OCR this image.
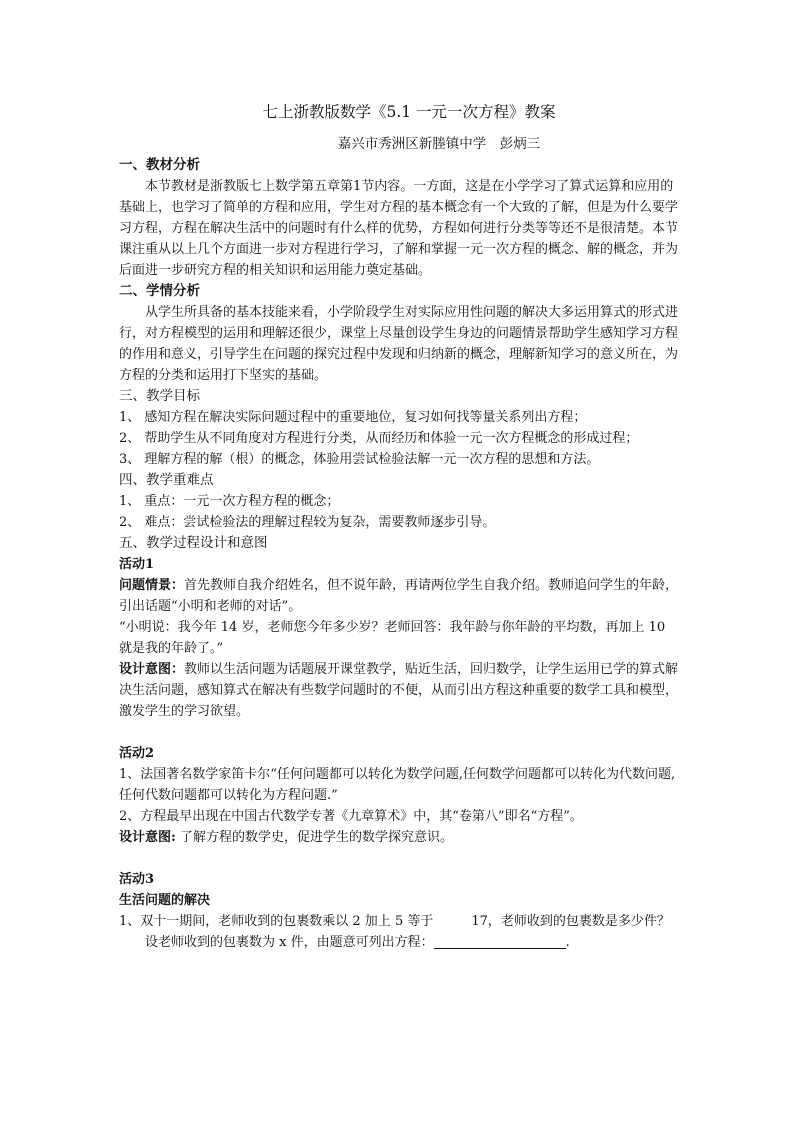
七上浙教版数学《5.1 一元一次方程》教案

嘉兴市秀洲区新塍镇中学　彭炳三

一、教材分析

本节教材是浙教版七上数学第五章第1节内容。一方面，这是在小学学习了算式运算和应用的基础上，也学习了简单的方程和应用，学生对方程的基本概念有一个大致的了解，但是为什么要学习方程，方程在解决生活中的问题时有什么样的优势，方程如何进行分类等等还不是很清楚。本节课注重从以上几个方面进一步对方程进行学习，了解和掌握一元一次方程的概念、解的概念，并为后面进一步研究方程的相关知识和运用能力奠定基础。

二、学情分析

从学生所具备的基本技能来看，小学阶段学生对实际应用性问题的解决大多运用算式的形式进行，对方程模型的运用和理解还很少，课堂上尽量创设学生身边的问题情景帮助学生感知学习方程的作用和意义，引导学生在问题的探究过程中发现和归纳新的概念，理解新知学习的意义所在，为方程的分类和运用打下坚实的基础。

三、教学目标

1、 感知方程在解决实际问题过程中的重要地位，复习如何找等量关系列出方程；

2、 帮助学生从不同角度对方程进行分类，从而经历和体验一元一次方程概念的形成过程；

3、 理解方程的解（根）的概念，体验用尝试检验法解一元一次方程的思想和方法。

四、教学重难点

1、 重点：一元一次方程方程的概念；

2、 难点：尝试检验法的理解过程较为复杂，需要教师逐步引导。

五、教学过程设计和意图

活动1

问题情景：首先教师自我介绍姓名，但不说年龄，再请两位学生自我介绍。教师追问学生的年龄，引出话题“小明和老师的对话”。

“小明说：我今年 14 岁，老师您今年多少岁？老师回答：我年龄与你年龄的平均数，再加上 10 就是我的年龄了。”

设计意图：教师以生活问题为话题展开课堂教学，贴近生活，回归数学，让学生运用已学的算式解决生活问题，感知算式在解决有些数学问题时的不便，从而引出方程这种重要的数学工具和模型，激发学生的学习欲望。

活动2

1、法国著名数学家笛卡尔“任何问题都可以转化为数学问题,任何数学问题都可以转化为代数问题,任何代数问题都可以转化为方程问题.”

2、方程最早出现在中国古代数学专著《九章算术》中，其“卷第八”即名“方程”。

设计意图: 了解方程的数学史，促进学生的数学探究意识。

活动3

生活问题的解决

1、双十一期间，老师收到的包裹数乘以 2 加上 5 等于	17，老师收到的包裹数是多少件？

设老师收到的包裹数为 x 件，由题意可列出方程：	.
